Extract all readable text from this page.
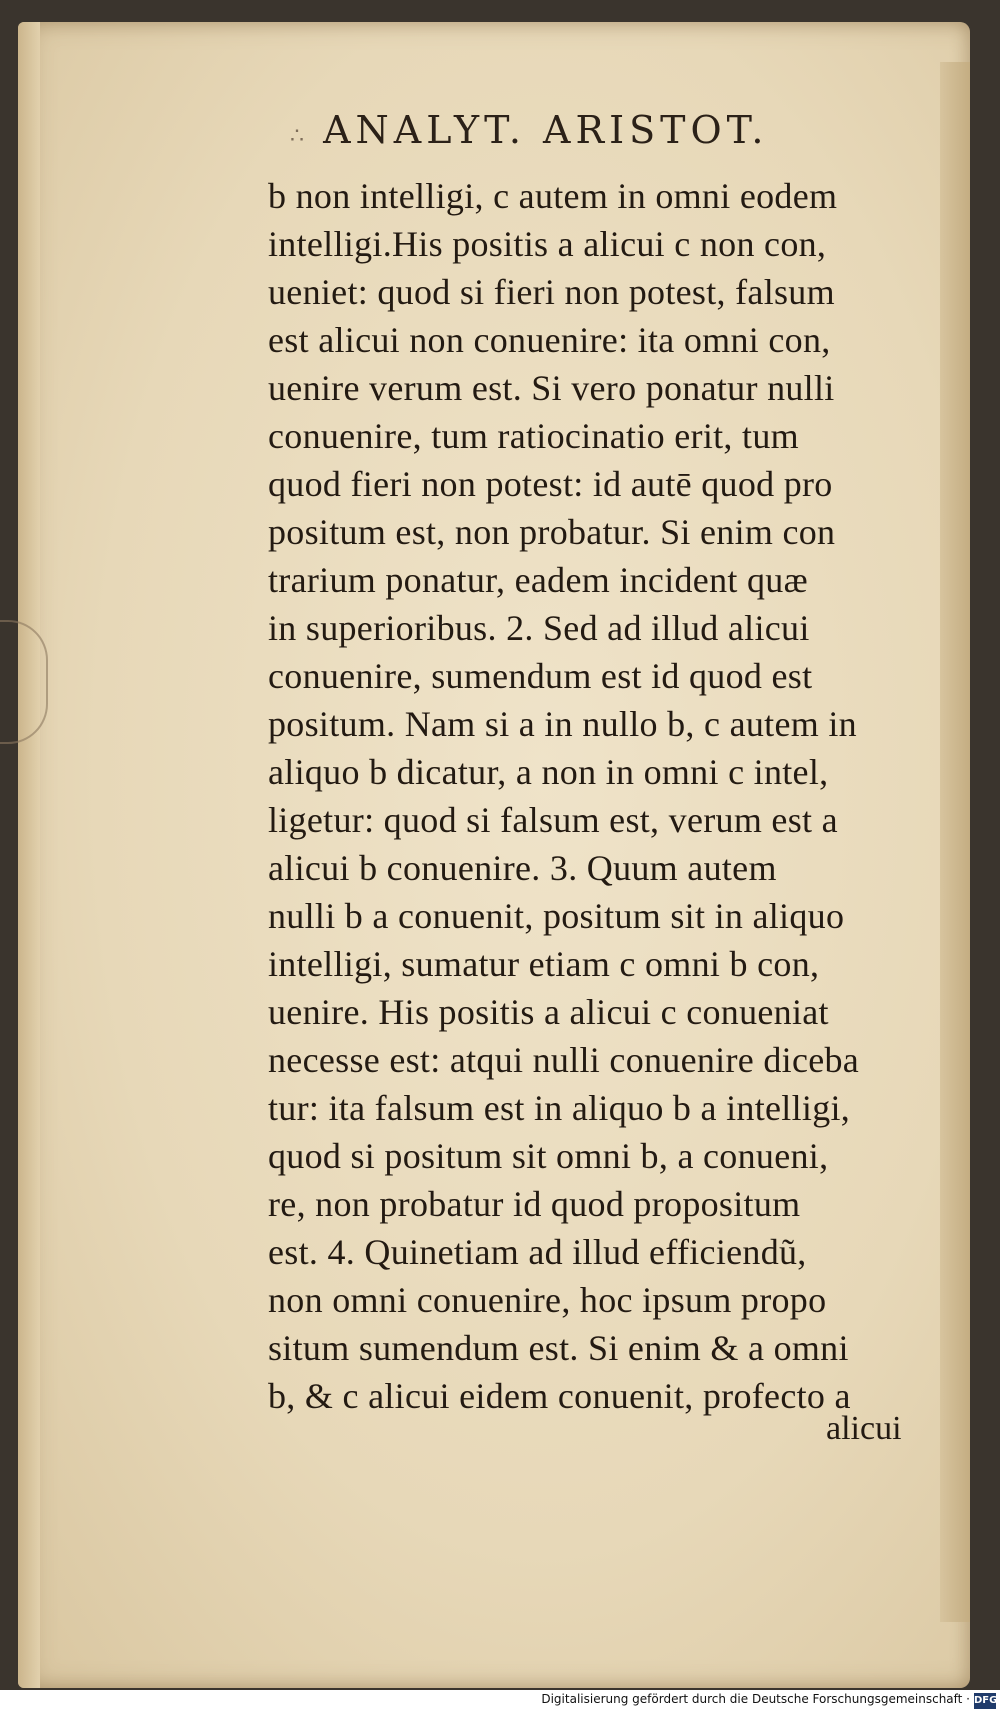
∴ ANALYT. ARISTOT.
b non intelligi, c autem in omni eodem
intelligi.His positis a alicui c non con,
ueniet: quod si fieri non potest, falsum
est alicui non conuenire: ita omni con,
uenire verum est. Si vero ponatur nulli
conuenire, tum ratiocinatio erit, tum
quod fieri non potest: id autē quod pro
positum est, non probatur. Si enim con
trarium ponatur, eadem incident quæ
in superioribus. 2. Sed ad illud alicui
conuenire, sumendum est id quod est
positum. Nam si a in nullo b, c autem in
aliquo b dicatur, a non in omni c intel,
ligetur: quod si falsum est, verum est a
alicui b conuenire. 3. Quum autem
nulli b a conuenit, positum sit in aliquo
intelligi, sumatur etiam c omni b con,
uenire. His positis a alicui c conueniat
necesse est: atqui nulli conuenire diceba
tur: ita falsum est in aliquo b a intelligi,
quod si positum sit omni b, a conueni,
re, non probatur id quod propositum
est. 4. Quinetiam ad illud efficiendũ,
non omni conuenire, hoc ipsum propo
situm sumendum est. Si enim & a omni
b, & c alicui eidem conuenit, profecto a
alicui
Digitalisierung gefördert durch die Deutsche Forschungsgemeinschaft · DFG
